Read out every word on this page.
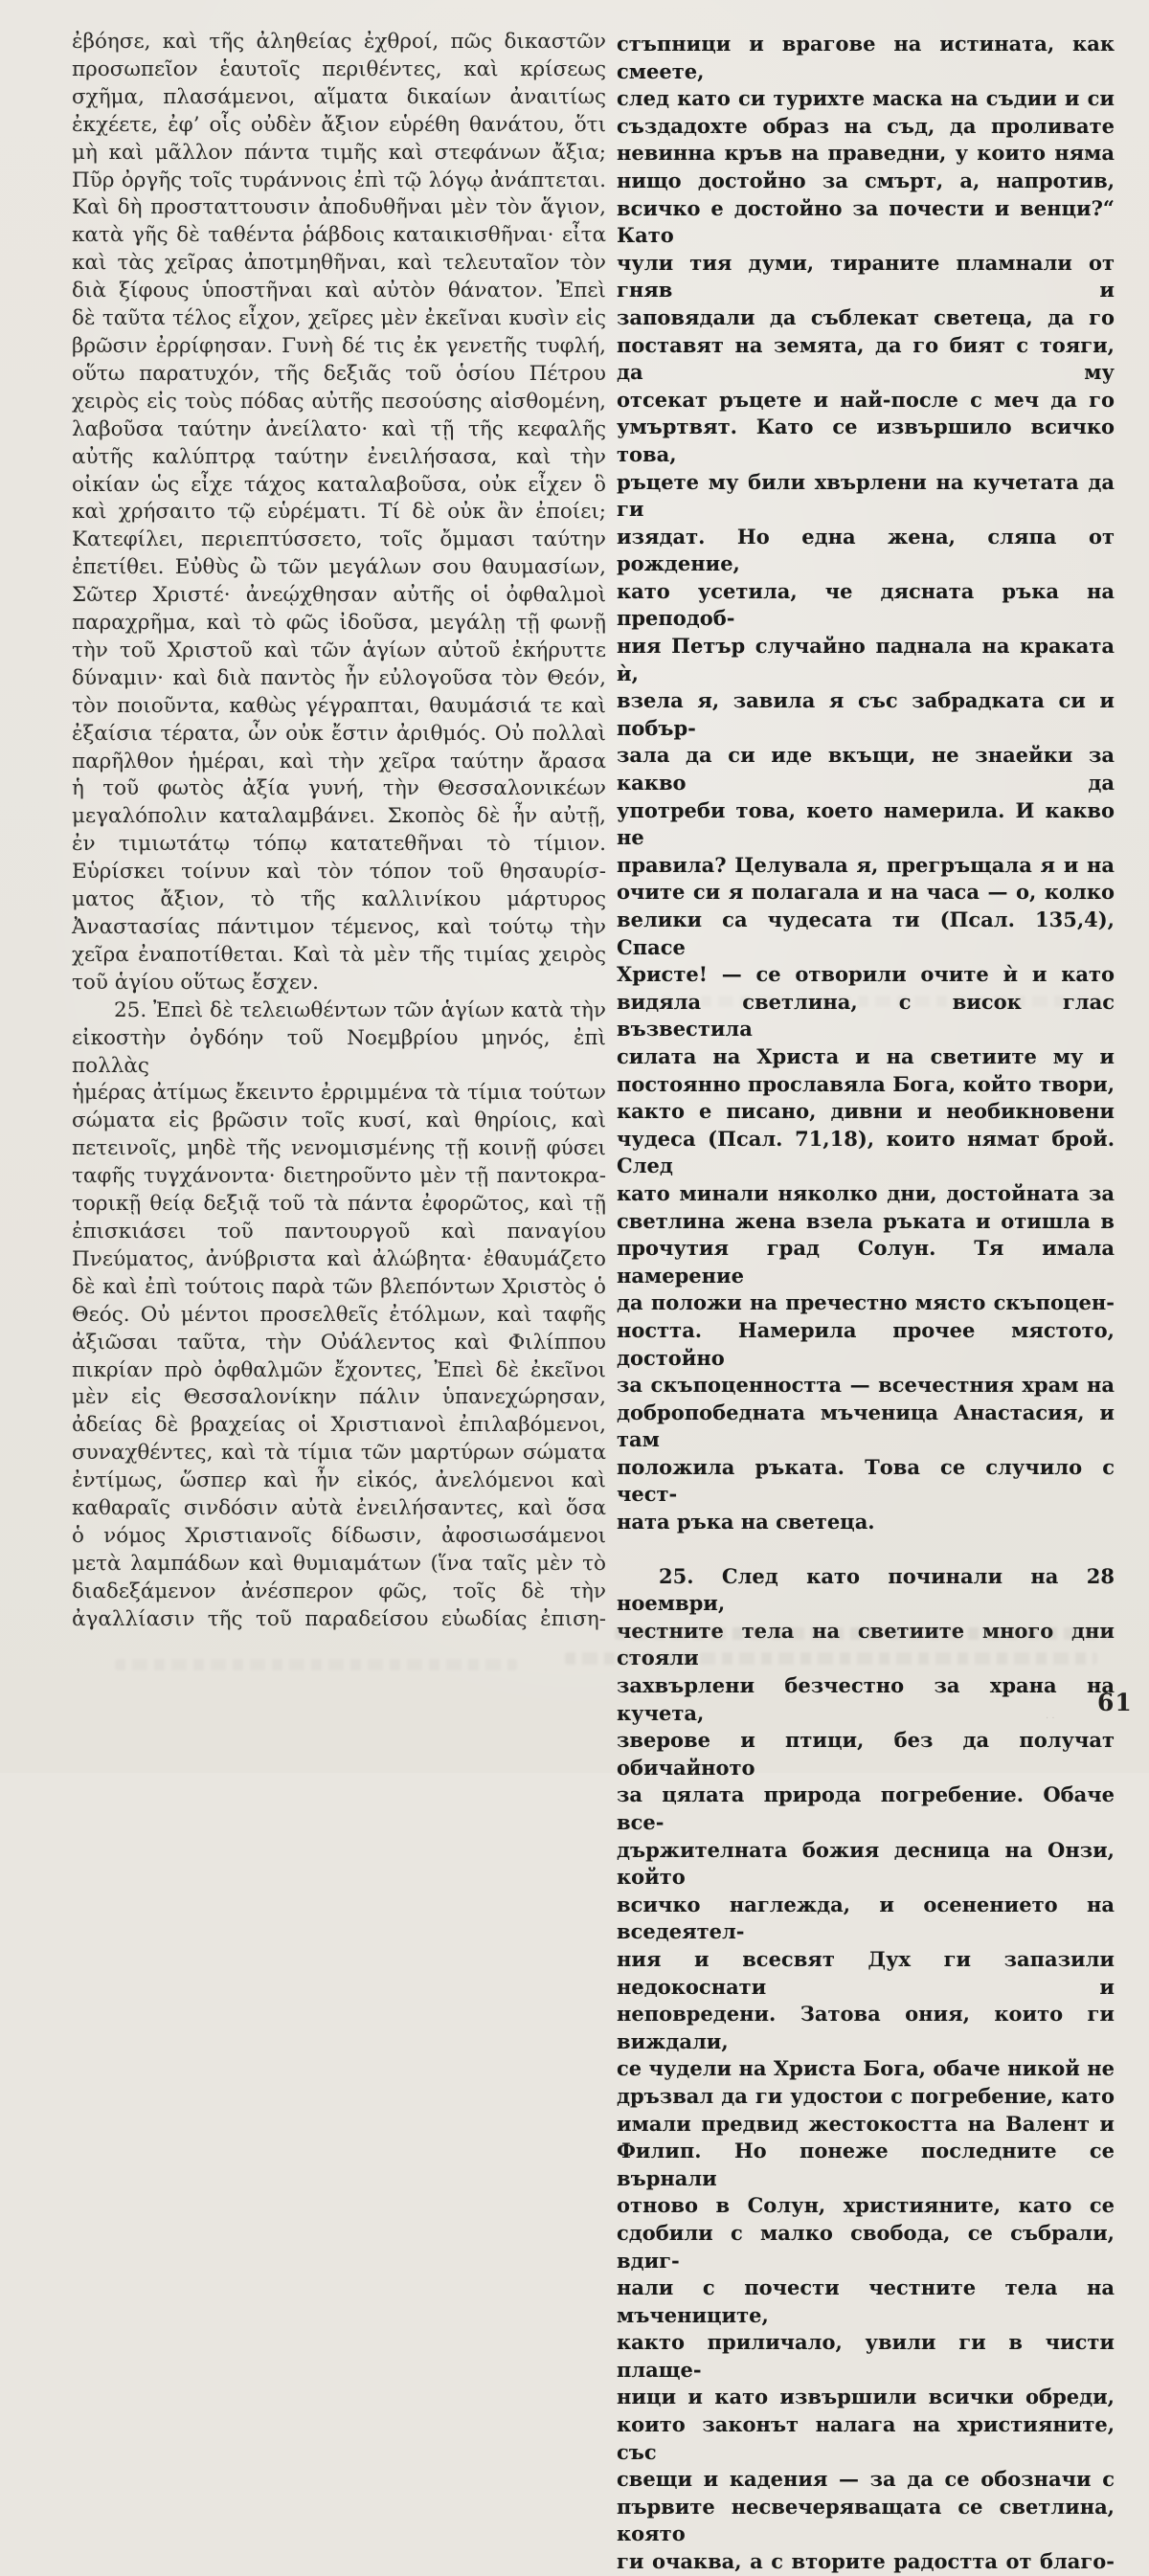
ἐβόησε, καὶ τῆς ἀληθείας ἐχθροί, πῶς δικαστῶν
προσωπεῖον ἑαυτοῖς περιθέντες, καὶ κρίσεως
σχῆμα, πλασάμενοι, αἵματα δικαίων ἀναιτίως
ἐκχέετε, ἐφ’ οἷς οὐδὲν ἄξιον εὑρέθη θανάτου, ὅτι
μὴ καὶ μᾶλλον πάντα τιμῆς καὶ στεφάνων ἄξια;
Πῦρ ὀργῆς τοῖς τυράννοις ἐπὶ τῷ λόγῳ ἀνάπτεται.
Καὶ δὴ προσταττουσιν ἀποδυθῆναι μὲν τὸν ἅγιον,
κατὰ γῆς δὲ ταθέντα ῥάβδοις καταικισθῆναι· εἶτα
καὶ τὰς χεῖρας ἀποτμηθῆναι, καὶ τελευταῖον τὸν
διὰ ξίφους ὑποστῆναι καὶ αὐτὸν θάνατον. Ἐπεὶ
δὲ ταῦτα τέλος εἶχον, χεῖρες μὲν ἐκεῖναι κυσὶν εἰς
βρῶσιν ἐρρίφησαν. Γυνὴ δέ τις ἐκ γενετῆς τυφλή,
οὕτω παρατυχόν, τῆς δεξιᾶς τοῦ ὁσίου Πέτρου
χειρὸς εἰς τοὺς πόδας αὐτῆς πεσούσης αἰσθομένη,
λαβοῦσα ταύτην ἀνείλατο· καὶ τῇ τῆς κεφαλῆς
αὐτῆς καλύπτρᾳ ταύτην ἐνειλήσασα, καὶ τὴν
οἰκίαν ὡς εἶχε τάχος καταλαβοῦσα, οὐκ εἶχεν ὃ
καὶ χρήσαιτο τῷ εὑρέματι. Τί δὲ οὐκ ἂν ἐποίει;
Κατεφίλει, περιεπτύσσετο, τοῖς ὄμμασι ταύτην
ἐπετίθει. Εὐθὺς ὢ τῶν μεγάλων σου θαυμασίων,
Σῶτερ Χριστέ· ἀνεῴχθησαν αὐτῆς οἱ ὀφθαλμοὶ
παραχρῆμα, καὶ τὸ φῶς ἰδοῦσα, μεγάλῃ τῇ φωνῇ
τὴν τοῦ Χριστοῦ καὶ τῶν ἁγίων αὐτοῦ ἐκήρυττε
δύναμιν· καὶ διὰ παντὸς ἦν εὐλογοῦσα τὸν Θεόν,
τὸν ποιοῦντα, καθὼς γέγραπται, θαυμάσιά τε καὶ
ἐξαίσια τέρατα, ὧν οὐκ ἔστιν ἀριθμός. Οὐ πολλαὶ
παρῆλθον ἡμέραι, καὶ τὴν χεῖρα ταύτην ἄρασα
ἡ τοῦ φωτὸς ἀξία γυνή, τὴν Θεσσαλονικέων
μεγαλόπολιν καταλαμβάνει. Σκοπὸς δὲ ἦν αὐτῇ,
ἐν τιμιωτάτῳ τόπῳ κατατεθῆναι τὸ τίμιον.
Εὑρίσκει τοίνυν καὶ τὸν τόπον τοῦ θησαυρίσ-
ματος ἄξιον, τὸ τῆς καλλινίκου μάρτυρος
Ἀναστασίας πάντιμον τέμενος, καὶ τούτῳ τὴν
χεῖρα ἐναποτίθεται. Καὶ τὰ μὲν τῆς τιμίας χειρὸς
τοῦ ἁγίου οὕτως ἔσχεν.
25. Ἐπεὶ δὲ τελειωθέντων τῶν ἁγίων κατὰ τὴν
εἰκοστὴν ὀγδόην τοῦ Νοεμβρίου μηνός, ἐπὶ πολλὰς
ἡμέρας ἀτίμως ἔκειντο ἐρριμμένα τὰ τίμια τούτων
σώματα εἰς βρῶσιν τοῖς κυσί, καὶ θηρίοις, καὶ
πετεινοῖς, μηδὲ τῆς νενομισμένης τῇ κοινῇ φύσει
ταφῆς τυγχάνοντα· διετηροῦντο μὲν τῇ παντοκρα-
τορικῇ θείᾳ δεξιᾷ τοῦ τὰ πάντα ἐφορῶτος, καὶ τῇ
ἐπισκιάσει τοῦ παντουργοῦ καὶ παναγίου
Πνεύματος, ἀνύβριστα καὶ ἀλώβητα· ἐθαυμάζετο
δὲ καὶ ἐπὶ τούτοις παρὰ τῶν βλεπόντων Χριστὸς ὁ
Θεός. Οὐ μέντοι προσελθεῖς ἐτόλμων, καὶ ταφῆς
ἀξιῶσαι ταῦτα, τὴν Οὐάλεντος καὶ Φιλίππου
πικρίαν πρὸ ὀφθαλμῶν ἔχοντες, Ἐπεὶ δὲ ἐκεῖνοι
μὲν εἰς Θεσσαλονίκην πάλιν ὑπανεχώρησαν,
ἀδείας δὲ βραχείας οἱ Χριστιανοὶ ἐπιλαβόμενοι,
συναχθέντες, καὶ τὰ τίμια τῶν μαρτύρων σώματα
ἐντίμως, ὥσπερ καὶ ἦν εἰκός, ἀνελόμενοι καὶ
καθαραῖς σινδόσιν αὐτὰ ἐνειλήσαντες, καὶ ὅσα
ὁ νόμος Χριστιανοῖς δίδωσιν, ἀφοσιωσάμενοι
μετὰ λαμπάδων καὶ θυμιαμάτων (ἵνα ταῖς μὲν τὸ
διαδεξάμενον ἀνέσπερον φῶς, τοῖς δὲ τὴν
ἀγαλλίασιν τῆς τοῦ παραδείσου εὐωδίας ἐπιση-
стъпници и врагове на истината, как смеете,
след като си турихте маска на съдии и си
създадохте образ на съд, да проливате
невинна кръв на праведни, у които няма
нищо достойно за смърт, а, напротив,
всичко е достойно за почести и венци?“ Като
чули тия думи, тираните пламнали от гняв и
заповядали да съблекат светеца, да го
поставят на земята, да го бият с тояги, да му
отсекат ръцете и най-после с меч да го
умъртвят. Като се извършило всичко това,
ръцете му били хвърлени на кучетата да ги
изядат. Но една жена, сляпа от рождение,
като усетила, че дясната ръка на преподоб-
ния Петър случайно паднала на краката ѝ,
взела я, завила я със забрадката си и побър-
зала да си иде вкъщи, не знаейки за какво да
употреби това, което намерила. И какво не
правила? Целувала я, прегръщала я и на
очите си я полагала и на часа — о, колко
велики са чудесата ти (Псал. 135,4), Спасе
Христе! — се отворили очите ѝ и като
видяла светлина, с висок глас възвестила
силата на Христа и на светиите му и
постоянно прославяла Бога, който твори,
както е писано, дивни и необикновени
чудеса (Псал. 71,18), които нямат брой. След
като минали няколко дни, достойната за
светлина жена взела ръката и отишла в
прочутия град Солун. Тя имала намерение
да положи на пречестно място скъпоцен-
ността. Намерила прочее мястото, достойно
за скъпоценността — всечестния храм на
добропобедната мъченица Анастасия, и там
положила ръката. Това се случило с чест-
ната ръка на светеца.
25. След като починали на 28 ноември,
честните тела на светиите много дни стояли
захвърлени безчестно за храна на кучета,
зверове и птици, без да получат обичайното
за цялата природа погребение. Обаче все-
държителната божия десница на Онзи, който
всичко наглежда, и осенението на вседеятел-
ния и всесвят Дух ги запазили недокоснати и
неповредени. Затова ония, които ги виждали,
се чудели на Христа Бога, обаче никой не
дръзвал да ги удостои с погребение, като
имали предвид жестокостта на Валент и
Филип. Но понеже последните се върнали
отново в Солун, християните, като се
сдобили с малко свобода, се събрали, вдиг-
нали с почести честните тела на мъчениците,
както приличало, увили ги в чисти плаще-
ници и като извършили всички обреди,
които законът налага на християните, със
свещи и кадения — за да се обозначи с
първите несвечеряващата се светлина, която
ги очаква, а с вторите радостта от благо-
. .	61
